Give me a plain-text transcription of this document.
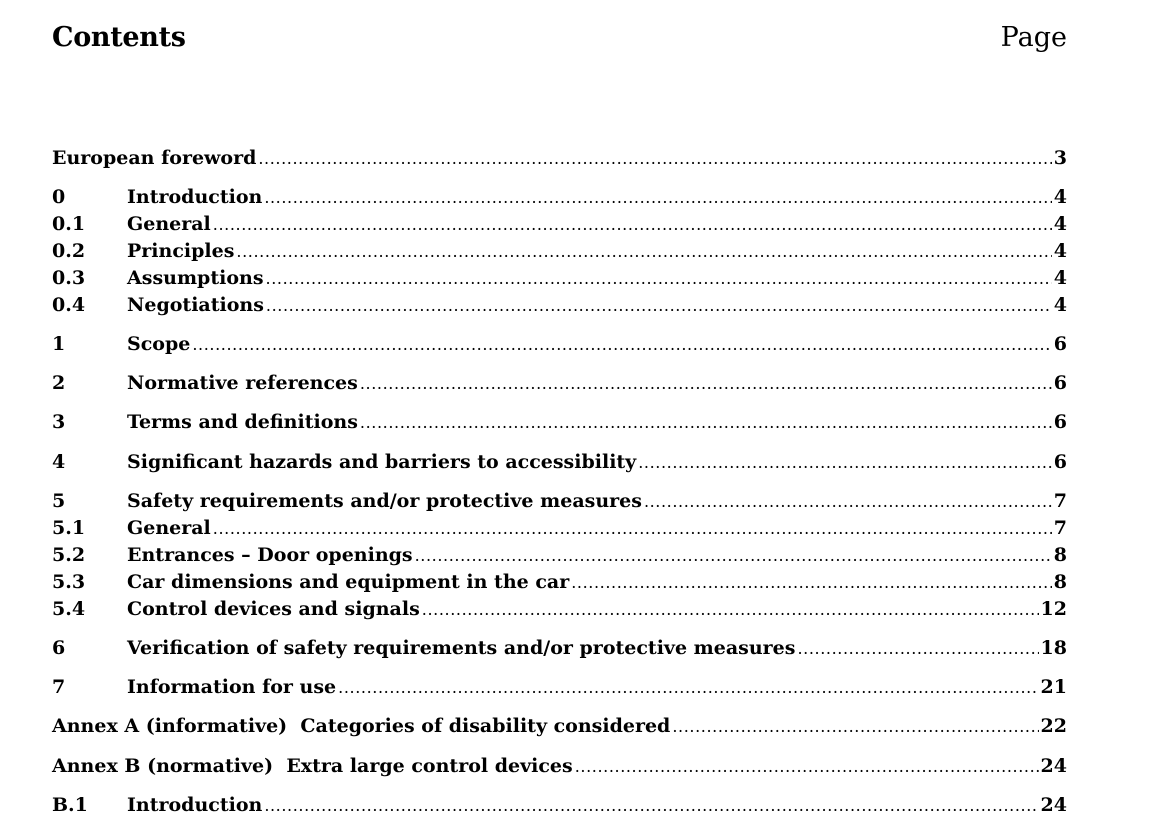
Contents	Page
European foreword .....	3
0	Introduction .....	4
0.1	General .....	4
0.2	Principles .....	4
0.3	Assumptions .....	4
0.4	Negotiations .....	4
1	Scope .....	6
2	Normative references .....	6
3	Terms and definitions .....	6
4	Significant hazards and barriers to accessibility .....	6
5	Safety requirements and/or protective measures .....	7
5.1	General .....	7
5.2	Entrances – Door openings .....	8
5.3	Car dimensions and equipment in the car .....	8
5.4	Control devices and signals .....	12
6	Verification of safety requirements and/or protective measures .....	18
7	Information for use .....	21
Annex A (informative)  Categories of disability considered .....	22
Annex B (normative)  Extra large control devices .....	24
B.1	Introduction .....	24
